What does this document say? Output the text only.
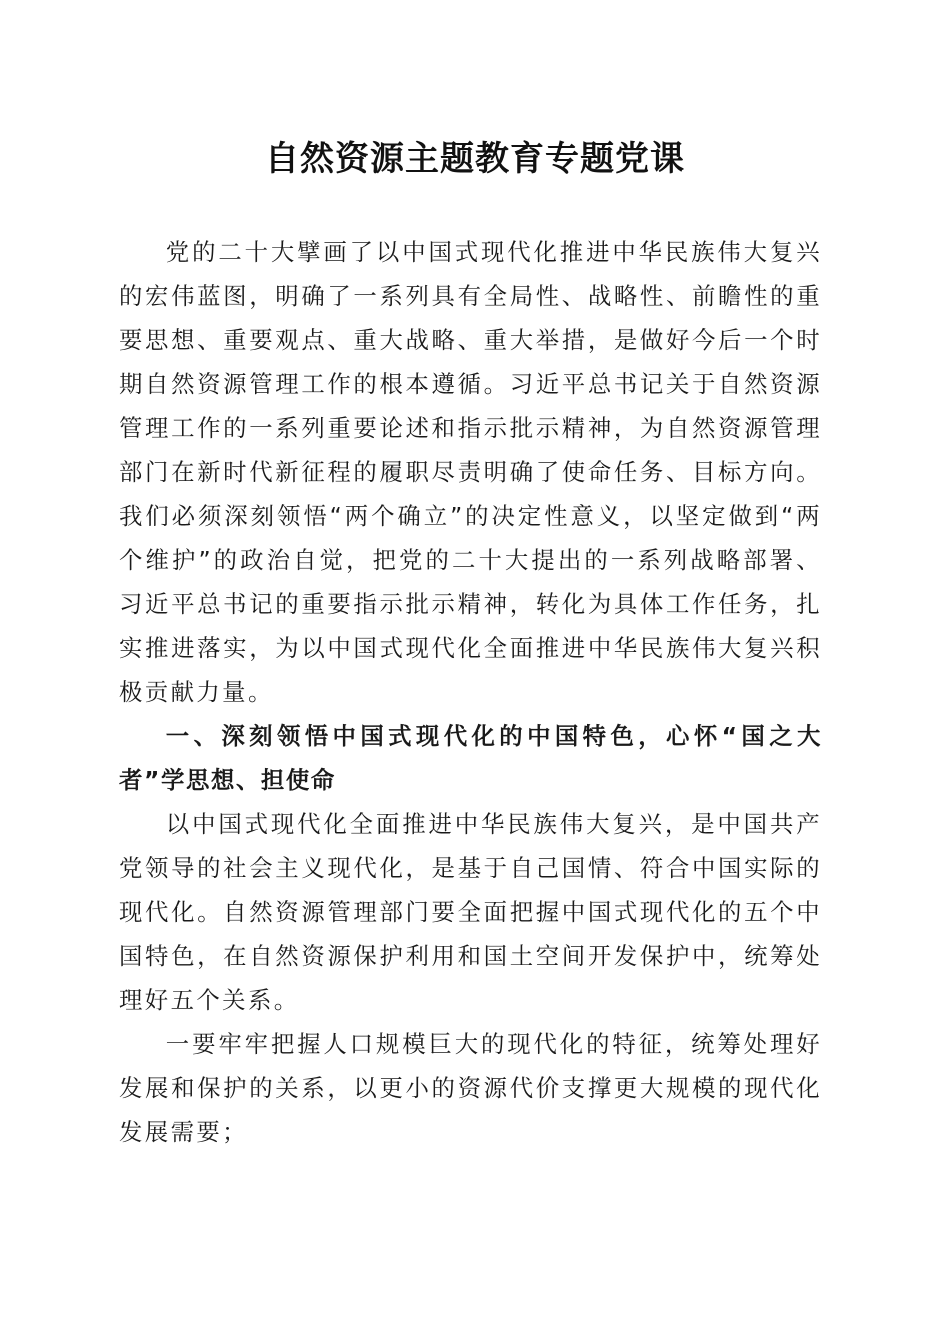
自然资源主题教育专题党课

党的二十大擘画了以中国式现代化推进中华民族伟大复兴的宏伟蓝图，明确了一系列具有全局性、战略性、前瞻性的重要思想、重要观点、重大战略、重大举措，是做好今后一个时期自然资源管理工作的根本遵循。习近平总书记关于自然资源管理工作的一系列重要论述和指示批示精神，为自然资源管理部门在新时代新征程的履职尽责明确了使命任务、目标方向。我们必须深刻领悟“两个确立”的决定性意义，以坚定做到“两个维护”的政治自觉，把党的二十大提出的一系列战略部署、习近平总书记的重要指示批示精神，转化为具体工作任务，扎实推进落实，为以中国式现代化全面推进中华民族伟大复兴积极贡献力量。

一、深刻领悟中国式现代化的中国特色，心怀“国之大者”学思想、担使命

以中国式现代化全面推进中华民族伟大复兴，是中国共产党领导的社会主义现代化，是基于自己国情、符合中国实际的现代化。自然资源管理部门要全面把握中国式现代化的五个中国特色，在自然资源保护利用和国土空间开发保护中，统筹处理好五个关系。

一要牢牢把握人口规模巨大的现代化的特征，统筹处理好发展和保护的关系，以更小的资源代价支撑更大规模的现代化发展需要；
